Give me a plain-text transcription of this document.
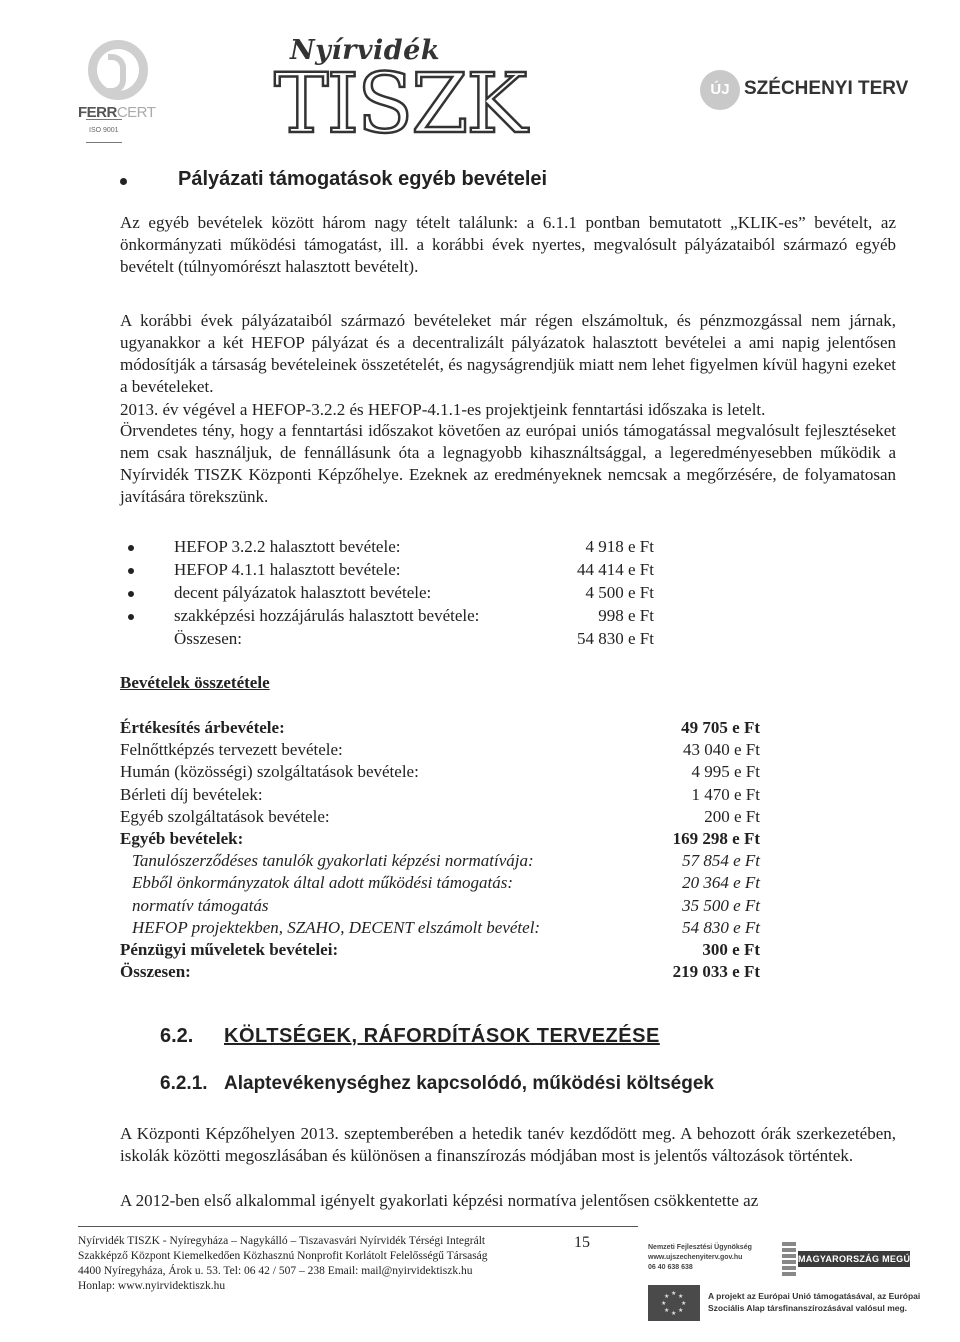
FERRCERT
ISO 9001
Nyírvidék
TISZK	ÚJ SZÉCHENYI TERV
Pályázati támogatások egyéb bevételei

Az egyéb bevételek között három nagy tételt találunk: a 6.1.1 pontban bemutatott „KLIK-es” bevételt, az önkormányzati működési támogatást, ill. a korábbi évek nyertes, megvalósult pályázataiból származó egyéb bevételt (túlnyomórészt halasztott bevételt).

A korábbi évek pályázataiból származó bevételeket már régen elszámoltuk, és pénzmozgással nem járnak, ugyanakkor a két HEFOP pályázat és a decentralizált pályázatok halasztott bevételei a ami napig jelentősen módosítják a társaság bevételeinek összetételét, és nagyságrendjük miatt nem lehet figyelmen kívül hagyni ezeket a bevételeket.

2013. év végével a HEFOP-3.2.2 és HEFOP-4.1.1-es projektjeink fenntartási időszaka is letelt.

Örvendetes tény, hogy a fenntartási időszakot követően az európai uniós támogatással megvalósult fejlesztéseket nem csak használjuk, de fennállásunk óta a legnagyobb kihasználtsággal, a legeredményesebben működik a Nyírvidék TISZK Központi Képzőhelye. Ezeknek az eredményeknek nemcsak a megőrzésére, de folyamatosan javítására törekszünk.

HEFOP 3.2.2 halasztott bevétele:	4 918 e Ft
HEFOP 4.1.1 halasztott bevétele:	44 414 e Ft
decent pályázatok halasztott bevétele:	4 500 e Ft
szakképzési hozzájárulás halasztott bevétele:	998 e Ft
Összesen:	54 830 e Ft
Bevételek összetétele
Értékesítés árbevétele:	49 705 e Ft
Felnőttképzés tervezett bevétele:	43 040 e Ft
Humán (közösségi) szolgáltatások bevétele:	4 995 e Ft
Bérleti díj bevételek:	1 470 e Ft
Egyéb szolgáltatások bevétele:	200 e Ft
Egyéb bevételek:	169 298 e Ft
Tanulószerződéses tanulók gyakorlati képzési normatívája:	57 854 e Ft
Ebből önkormányzatok által adott működési támogatás:	20 364 e Ft
normatív támogatás	35 500 e Ft
HEFOP projektekben, SZAHO, DECENT elszámolt bevétel:	54 830 e Ft
Pénzügyi műveletek bevételei:	300 e Ft
Összesen:	219 033 e Ft
6.2. KÖLTSÉGEK, RÁFORDÍTÁSOK TERVEZÉSE
6.2.1. Alaptevékenységhez kapcsolódó, működési költségek

A Központi Képzőhelyen 2013. szeptemberében a hetedik tanév kezdődött meg. A behozott órák szerkezetében, iskolák közötti megoszlásában és különösen a finanszírozás módjában most is jelentős változások történtek.

A 2012-ben első alkalommal igényelt gyakorlati képzési normatíva jelentősen csökkentette az

Nyírvidék TISZK - Nyíregyháza – Nagykálló – Tiszavasvári Nyírvidék Térségi Integrált
Szakképző Központ Kiemelkedően Közhasznú Nonprofit Korlátolt Felelősségű Társaság
4400 Nyíregyháza, Árok u. 53. Tel: 06 42 / 507 – 238 Email: mail@nyirvidektiszk.hu
Honlap: www.nyirvidektiszk.hu
15	Nemzeti Fejlesztési Ügynökség
www.ujszechenyiterv.gov.hu
06 40 638 638
MAGYARORSZÁG MEGÚJUL
★ ★
★
★
★
★
★
★	A projekt az Európai Unió támogatásával, az Európai
Szociális Alap társfinanszírozásával valósul meg.
